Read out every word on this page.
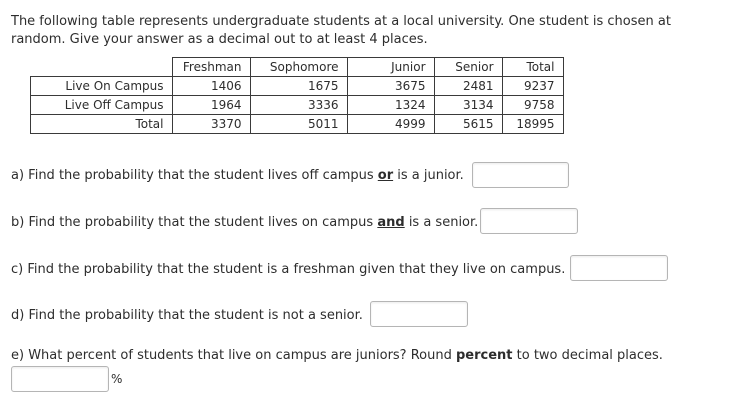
The following table represents undergraduate students at a local university. One student is chosen at random. Give your answer as a decimal out to at least 4 places.

	Freshman	Sophomore	Junior	Senior	Total
Live On Campus	1406	1675	3675	2481	9237
Live Off Campus	1964	3336	1324	3134	9758
Total	3370	5011	4999	5615	18995

a) Find the probability that the student lives off campus or is a junior.

b) Find the probability that the student lives on campus and is a senior.

c) Find the probability that the student is a freshman given that they live on campus.

d) Find the probability that the student is not a senior.

e) What percent of students that live on campus are juniors? Round percent to two decimal places.

%
